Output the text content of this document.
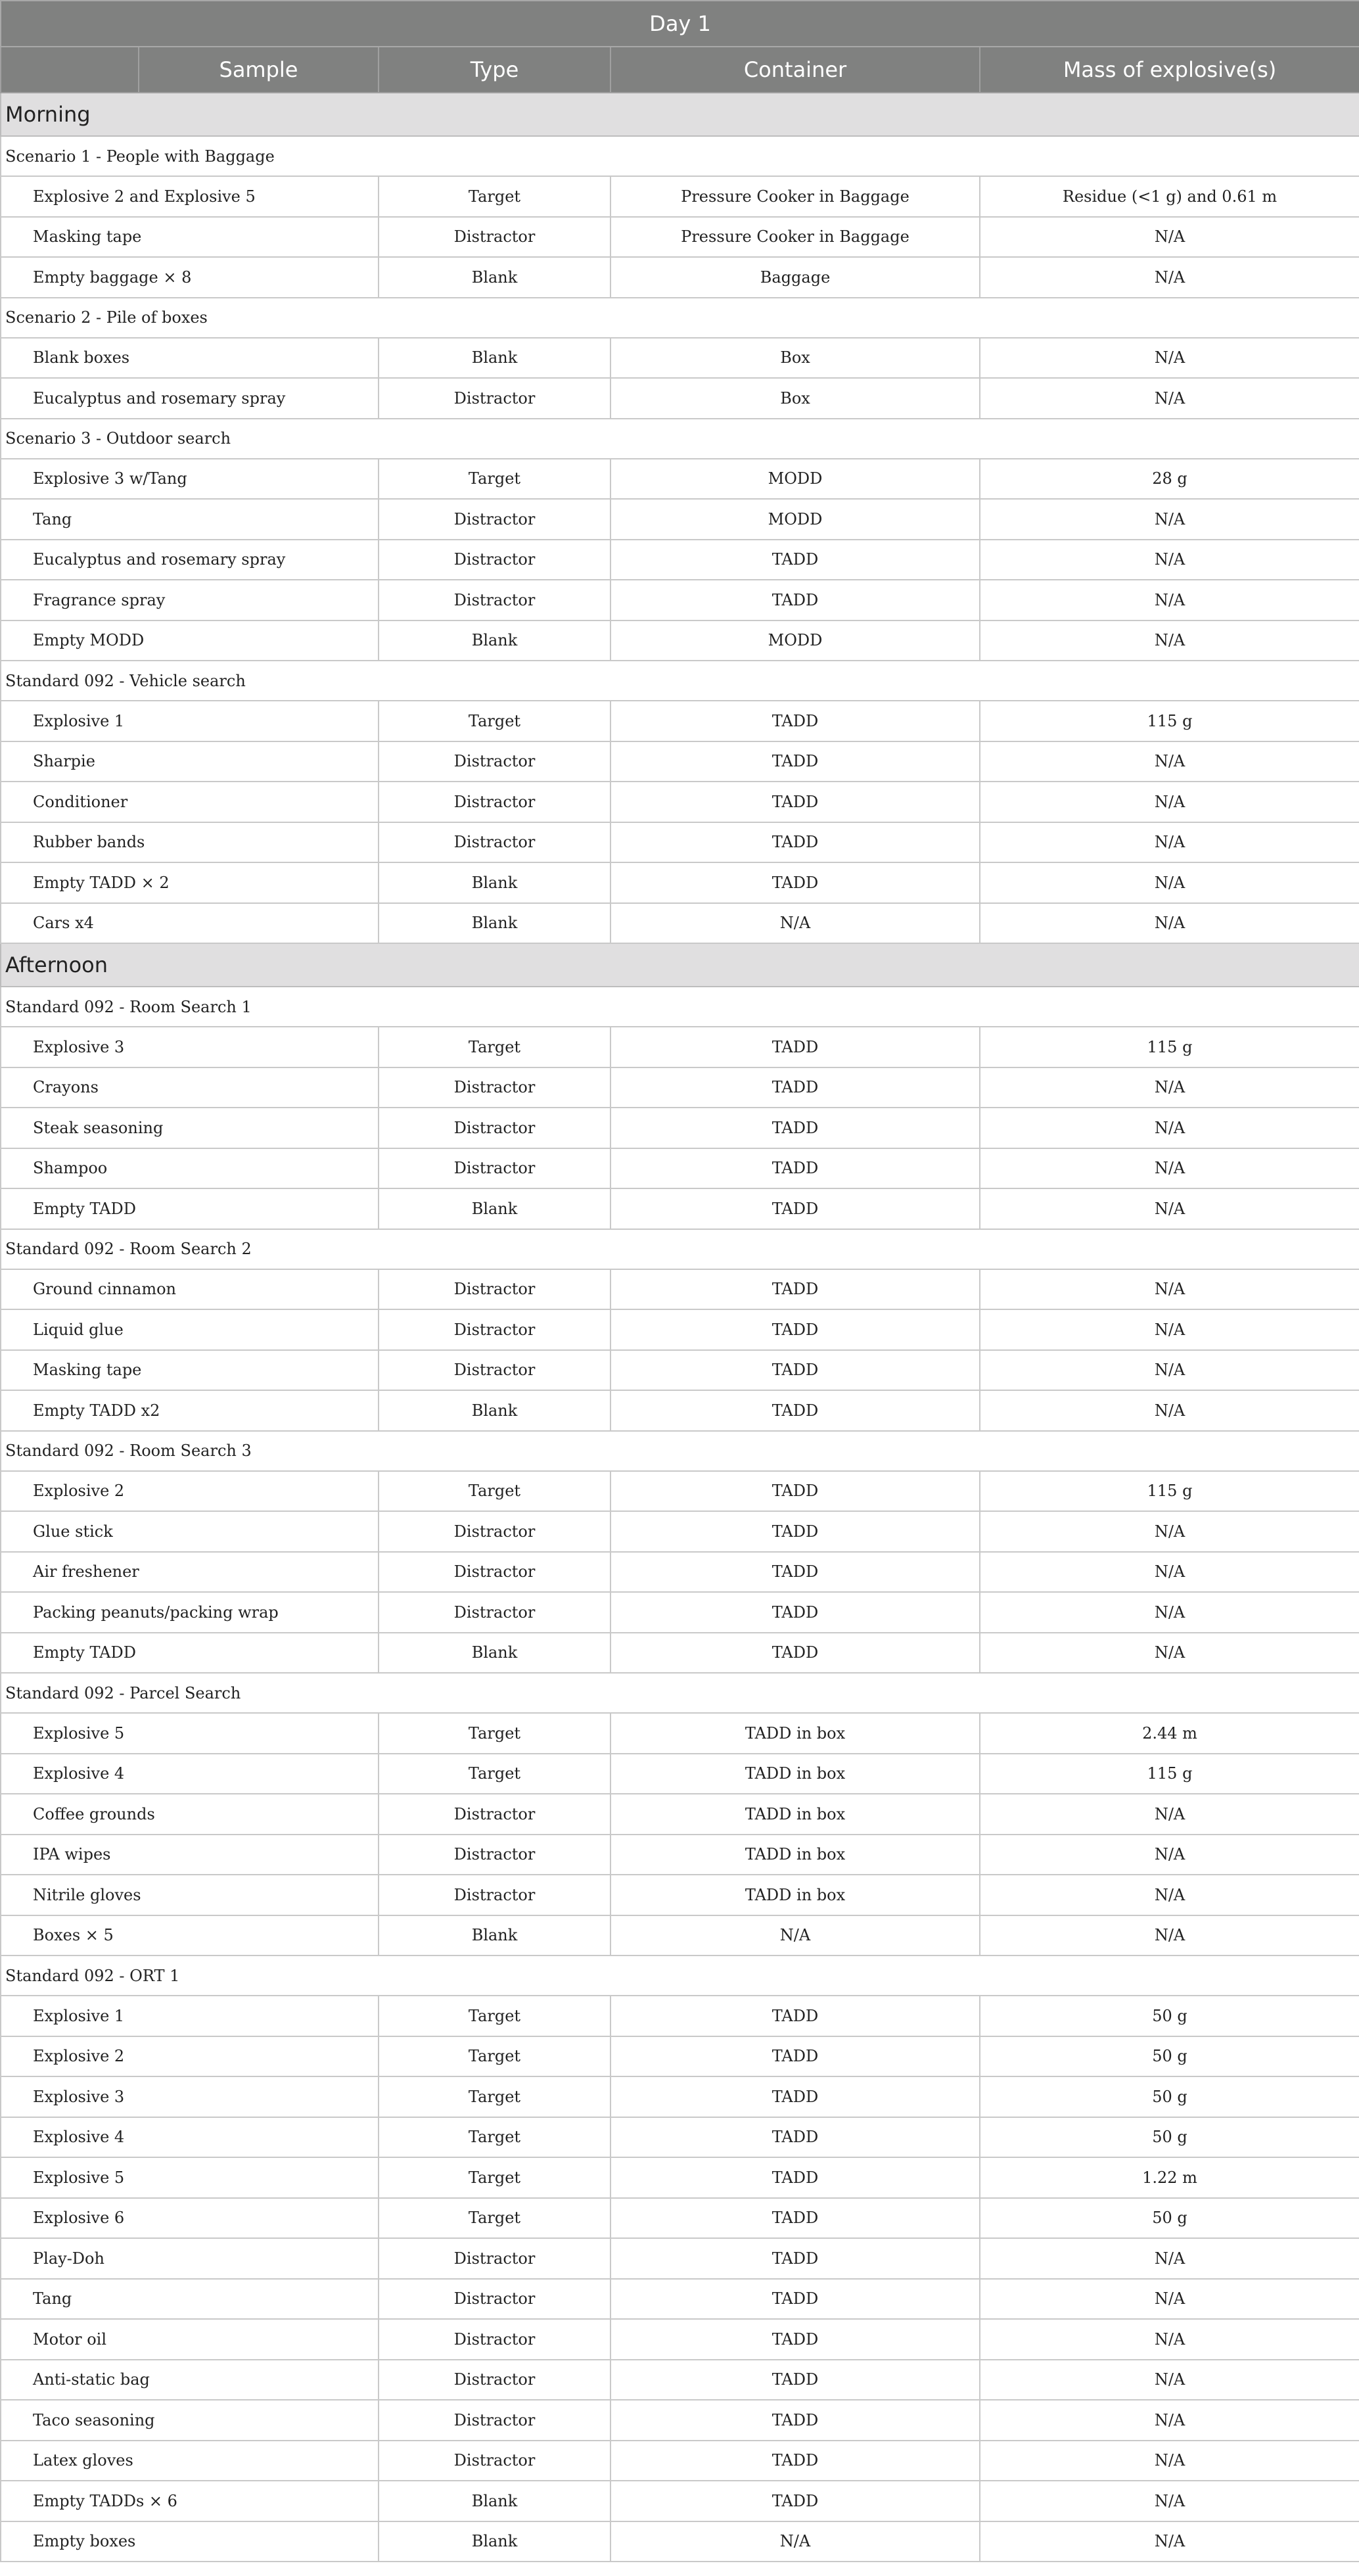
Day 1				
	Sample	Type	Container	Mass of explosive(s)
Morning				
Scenario 1 - People with Baggage				
Explosive 2 and Explosive 5		Target	Pressure Cooker in Baggage	Residue (<1 g) and 0.61 m
Masking tape		Distractor	Pressure Cooker in Baggage	N/A
Empty baggage × 8		Blank	Baggage	N/A
Scenario 2 - Pile of boxes				
Blank boxes		Blank	Box	N/A
Eucalyptus and rosemary spray		Distractor	Box	N/A
Scenario 3 - Outdoor search				
Explosive 3 w/Tang		Target	MODD	28 g
Tang		Distractor	MODD	N/A
Eucalyptus and rosemary spray		Distractor	TADD	N/A
Fragrance spray		Distractor	TADD	N/A
Empty MODD		Blank	MODD	N/A
Standard 092 - Vehicle search				
Explosive 1		Target	TADD	115 g
Sharpie		Distractor	TADD	N/A
Conditioner		Distractor	TADD	N/A
Rubber bands		Distractor	TADD	N/A
Empty TADD × 2		Blank	TADD	N/A
Cars x4		Blank	N/A	N/A
Afternoon				
Standard 092 - Room Search 1				
Explosive 3		Target	TADD	115 g
Crayons		Distractor	TADD	N/A
Steak seasoning		Distractor	TADD	N/A
Shampoo		Distractor	TADD	N/A
Empty TADD		Blank	TADD	N/A
Standard 092 - Room Search 2				
Ground cinnamon		Distractor	TADD	N/A
Liquid glue		Distractor	TADD	N/A
Masking tape		Distractor	TADD	N/A
Empty TADD x2		Blank	TADD	N/A
Standard 092 - Room Search 3				
Explosive 2		Target	TADD	115 g
Glue stick		Distractor	TADD	N/A
Air freshener		Distractor	TADD	N/A
Packing peanuts/packing wrap		Distractor	TADD	N/A
Empty TADD		Blank	TADD	N/A
Standard 092 - Parcel Search				
Explosive 5		Target	TADD in box	2.44 m
Explosive 4		Target	TADD in box	115 g
Coffee grounds		Distractor	TADD in box	N/A
IPA wipes		Distractor	TADD in box	N/A
Nitrile gloves		Distractor	TADD in box	N/A
Boxes × 5		Blank	N/A	N/A
Standard 092 - ORT 1				
Explosive 1		Target	TADD	50 g
Explosive 2		Target	TADD	50 g
Explosive 3		Target	TADD	50 g
Explosive 4		Target	TADD	50 g
Explosive 5		Target	TADD	1.22 m
Explosive 6		Target	TADD	50 g
Play-Doh		Distractor	TADD	N/A
Tang		Distractor	TADD	N/A
Motor oil		Distractor	TADD	N/A
Anti-static bag		Distractor	TADD	N/A
Taco seasoning		Distractor	TADD	N/A
Latex gloves		Distractor	TADD	N/A
Empty TADDs × 6		Blank	TADD	N/A
Empty boxes		Blank	N/A	N/A
